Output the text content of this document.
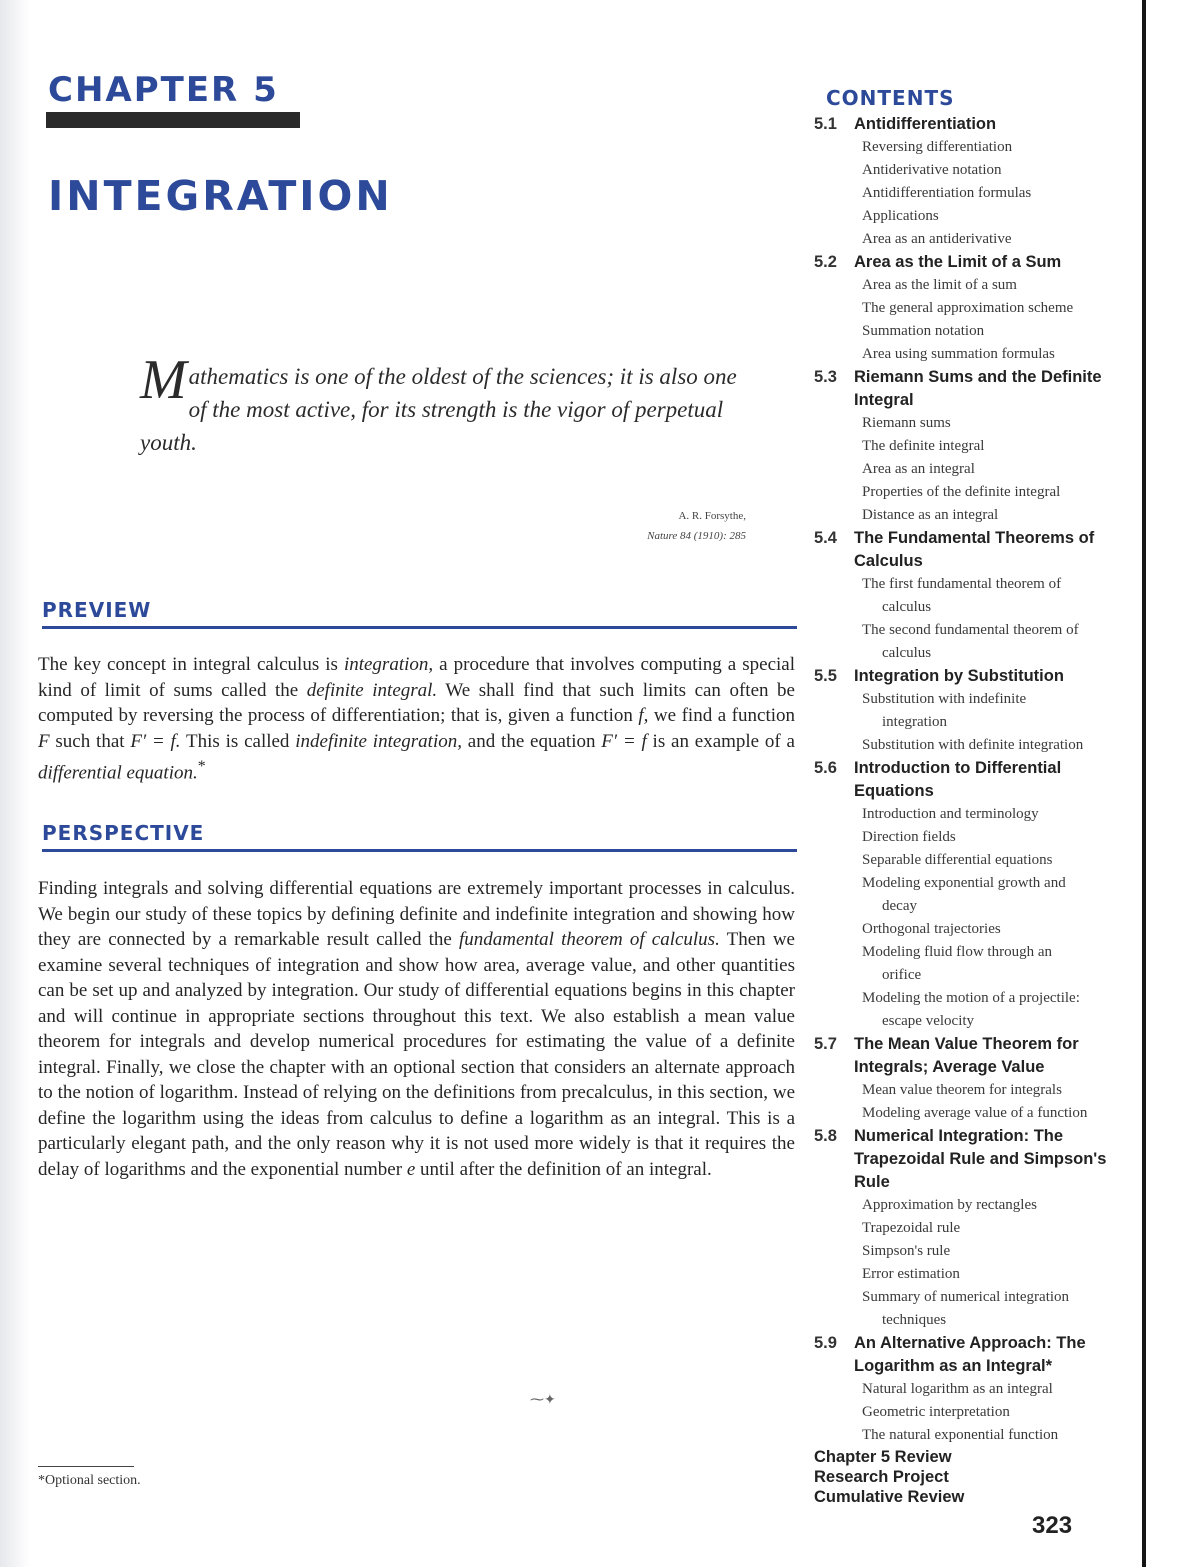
CHAPTER 5
INTEGRATION
Mathematics is one of the oldest of the sciences; it is also one of the most active, for its strength is the vigor of perpetual youth.
A. R. Forsythe,
Nature 84 (1910): 285
PREVIEW
The key concept in integral calculus is integration, a procedure that involves computing a special kind of limit of sums called the definite integral. We shall find that such limits can often be computed by reversing the process of differentiation; that is, given a function f, we find a function F such that F′ = f. This is called indefinite integration, and the equation F′ = f is an example of a differential equation.*
PERSPECTIVE
Finding integrals and solving differential equations are extremely important processes in calculus. We begin our study of these topics by defining definite and indefinite integration and showing how they are connected by a remarkable result called the fundamental theorem of calculus. Then we examine several techniques of integration and show how area, average value, and other quantities can be set up and analyzed by integration. Our study of differential equations begins in this chapter and will continue in appropriate sections throughout this text. We also establish a mean value theorem for integrals and develop numerical procedures for estimating the value of a definite integral. Finally, we close the chapter with an optional section that considers an alternate approach to the notion of logarithm. Instead of relying on the definitions from precalculus, in this section, we define the logarithm using the ideas from calculus to define a logarithm as an integral. This is a particularly elegant path, and the only reason why it is not used more widely is that it requires the delay of logarithms and the exponential number e until after the definition of an integral.
⁓✦
*Optional section.
CONTENTS
5.1	Antidifferentiation
Reversing differentiation
Antiderivative notation
Antidifferentiation formulas
Applications
Area as an antiderivative
5.2	Area as the Limit of a Sum
Area as the limit of a sum
The general approximation scheme
Summation notation
Area using summation formulas
5.3	Riemann Sums and the Definite Integral
Riemann sums
The definite integral
Area as an integral
Properties of the definite integral
Distance as an integral
5.4	The Fundamental Theorems of Calculus
The first fundamental theorem of
calculus
The second fundamental theorem of
calculus
5.5	Integration by Substitution
Substitution with indefinite
integration
Substitution with definite integration
5.6	Introduction to Differential Equations
Introduction and terminology
Direction fields
Separable differential equations
Modeling exponential growth and
decay
Orthogonal trajectories
Modeling fluid flow through an
orifice
Modeling the motion of a projectile:
escape velocity
5.7	The Mean Value Theorem for Integrals; Average Value
Mean value theorem for integrals
Modeling average value of a function
5.8	Numerical Integration: The Trapezoidal Rule and Simpson's Rule
Approximation by rectangles
Trapezoidal rule
Simpson's rule
Error estimation
Summary of numerical integration
techniques
5.9	An Alternative Approach: The Logarithm as an Integral*
Natural logarithm as an integral
Geometric interpretation
The natural exponential function
Chapter 5 Review
Research Project
Cumulative Review
323
